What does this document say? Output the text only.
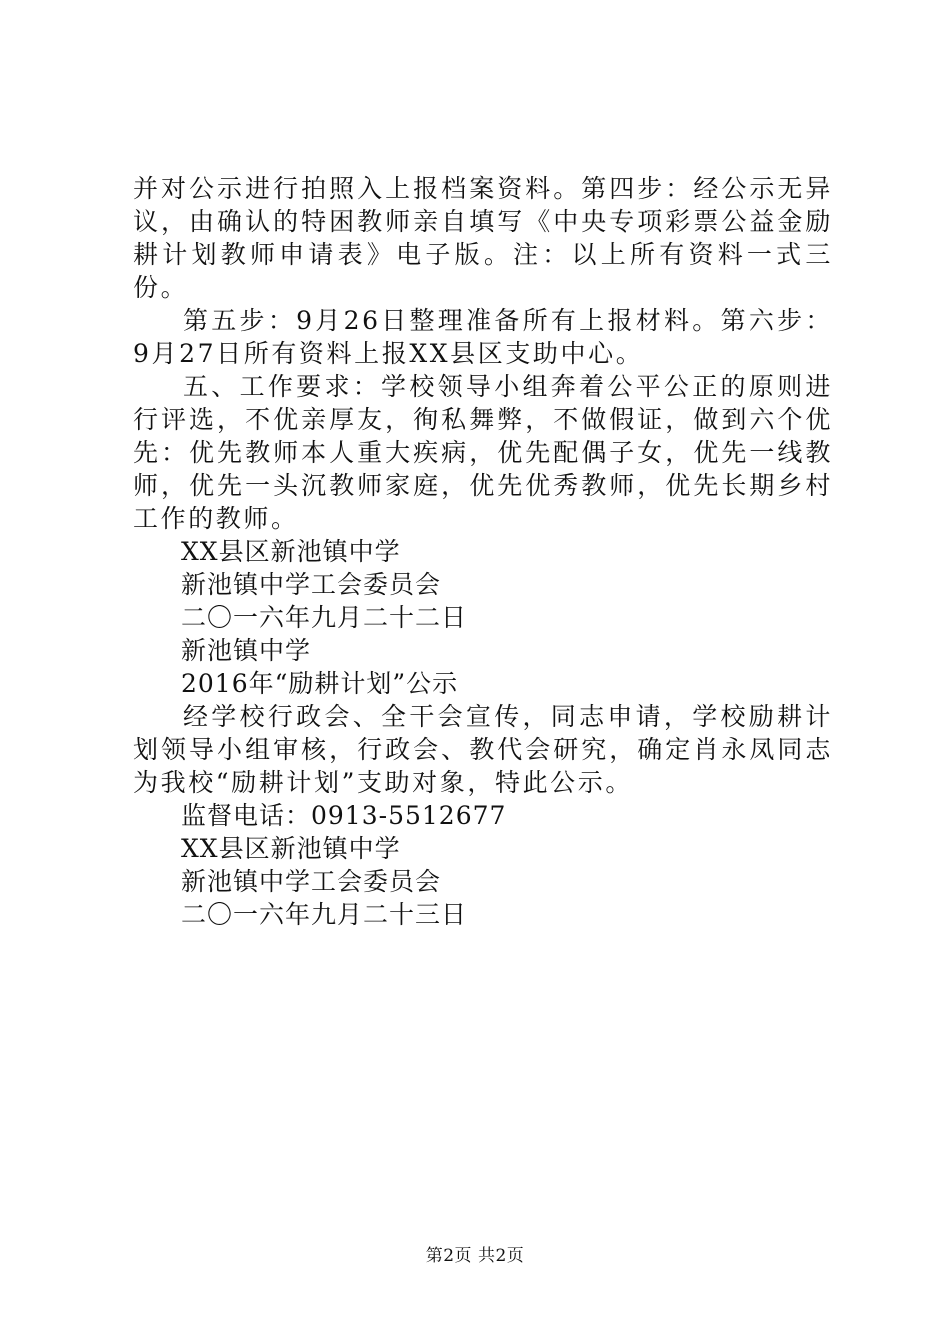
并对公示进行拍照入上报档案资料。第四步：经公示无异议，由确认的特困教师亲自填写《中央专项彩票公益金励耕计划教师申请表》电子版。注：以上所有资料一式三份。

第五步：9月26日整理准备所有上报材料。第六步：9月27日所有资料上报XX县区支助中心。

五、工作要求：学校领导小组奔着公平公正的原则进行评选，不优亲厚友，徇私舞弊，不做假证，做到六个优先：优先教师本人重大疾病，优先配偶子女，优先一线教师，优先一头沉教师家庭，优先优秀教师，优先长期乡村工作的教师。

XX县区新池镇中学

新池镇中学工会委员会

二〇一六年九月二十二日

新池镇中学

2016年“励耕计划”公示

经学校行政会、全干会宣传，同志申请，学校励耕计划领导小组审核，行政会、教代会研究，确定肖永凤同志为我校“励耕计划”支助对象，特此公示。

监督电话：0913-5512677

XX县区新池镇中学

新池镇中学工会委员会

二〇一六年九月二十三日

第2页 共2页
